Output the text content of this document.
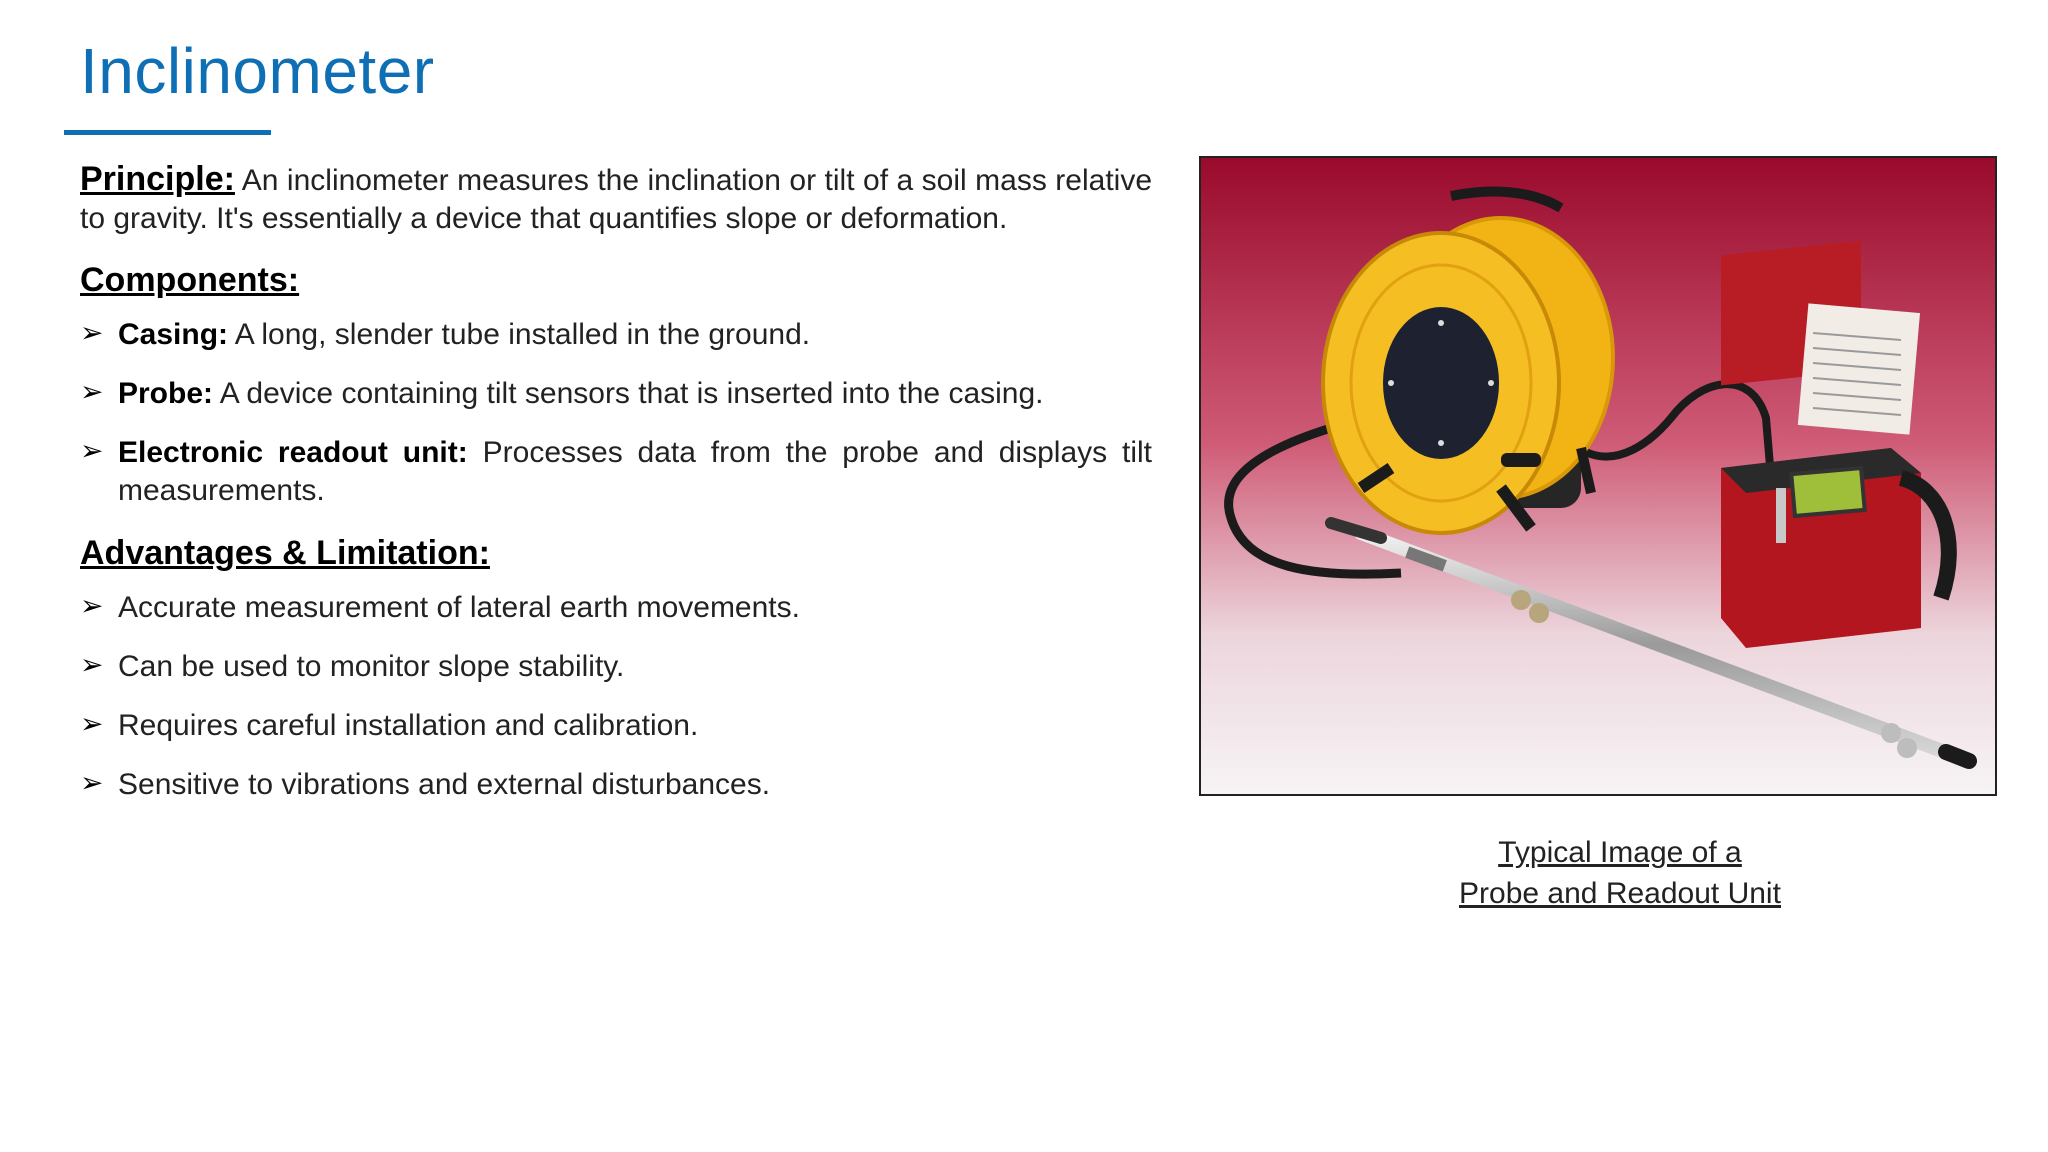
Inclinometer

Principle: An inclinometer measures the inclination or tilt of a soil mass relative to gravity. It's essentially a device that quantifies slope or deformation.

Components:
➢ Casing: A long, slender tube installed in the ground.
➢ Probe: A device containing tilt sensors that is inserted into the casing.
➢ Electronic readout unit: Processes data from the probe and displays tilt measurements.
Advantages & Limitation:
➢ Accurate measurement of lateral earth movements.
➢ Can be used to monitor slope stability.
➢ Requires careful installation and calibration.
➢ Sensitive to vibrations and external disturbances.
Typical Image of a
Probe and Readout Unit
